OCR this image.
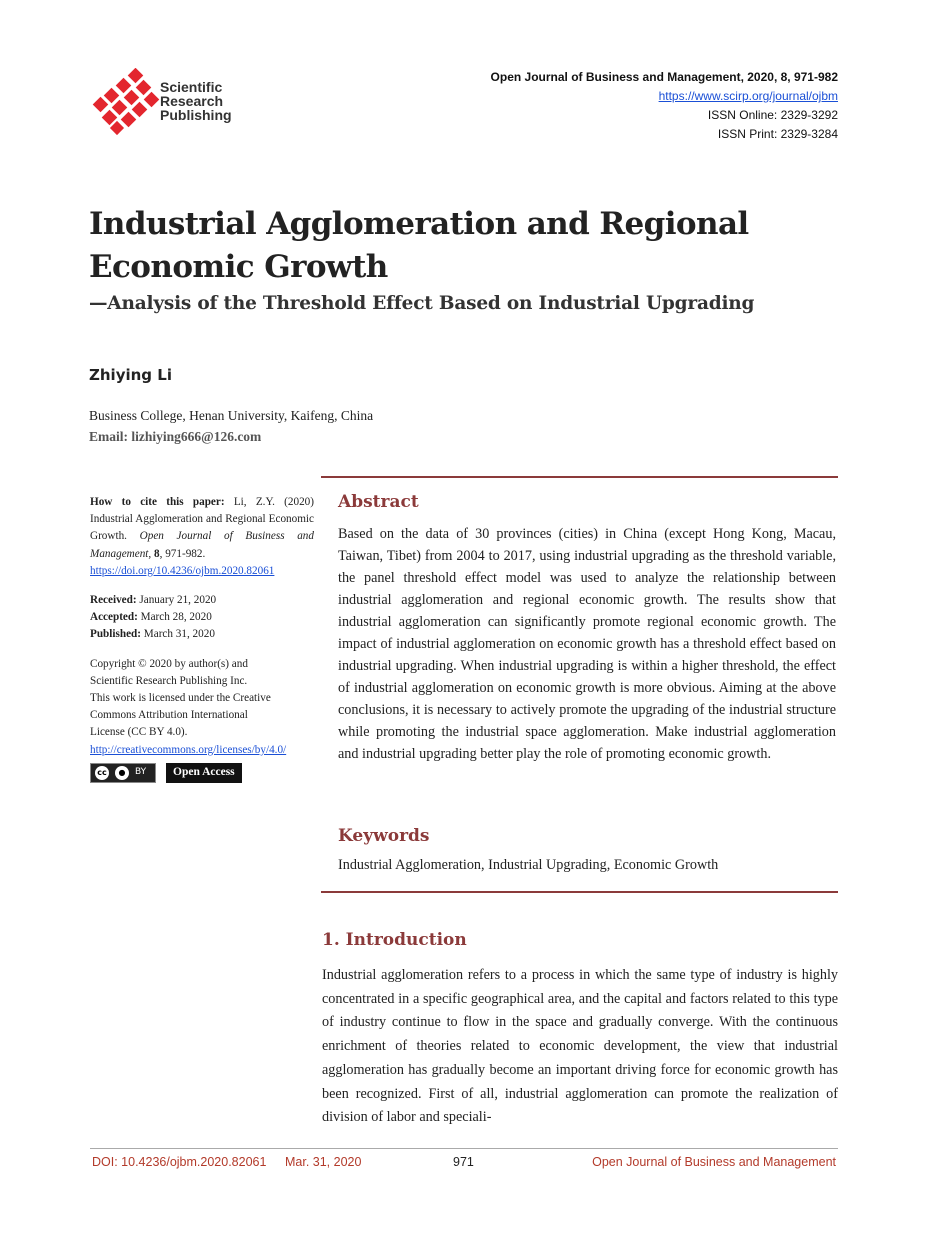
Scientific
Research
Publishing
Open Journal of Business and Management, 2020, 8, 971-982
https://www.scirp.org/journal/ojbm
ISSN Online: 2329-3292
ISSN Print: 2329-3284
Industrial Agglomeration and Regional
Economic Growth
—Analysis of the Threshold Effect Based on Industrial Upgrading
Zhiying Li
Business College, Henan University, Kaifeng, China
Email: lizhiying666@126.com
How to cite this paper: Li, Z.Y. (2020) Industrial Agglomeration and Regional Economic Growth. Open Journal of Business and Management, 8, 971-982.
https://doi.org/10.4236/ojbm.2020.82061
Received: January 21, 2020
Accepted: March 28, 2020
Published: March 31, 2020
Copyright © 2020 by author(s) and
Scientific Research Publishing Inc.
This work is licensed under the Creative
Commons Attribution International
License (CC BY 4.0).
http://creativecommons.org/licenses/by/4.0/
cc	●	BY	Open Access
Abstract
Based on the data of 30 provinces (cities) in China (except Hong Kong, Macau, Taiwan, Tibet) from 2004 to 2017, using industrial upgrading as the threshold variable, the panel threshold effect model was used to analyze the relationship between industrial agglomeration and regional economic growth. The results show that industrial agglomeration can significantly promote regional economic growth. The impact of industrial agglomeration on economic growth has a threshold effect based on industrial upgrading. When industrial upgrading is within a higher threshold, the effect of industrial agglomeration on economic growth is more obvious. Aiming at the above conclusions, it is necessary to actively promote the upgrading of the industrial structure while promoting the industrial space agglomeration. Make industrial agglomeration and industrial upgrading better play the role of promoting economic growth.
Keywords
Industrial Agglomeration, Industrial Upgrading, Economic Growth
1. Introduction
Industrial agglomeration refers to a process in which the same type of industry is highly concentrated in a specific geographical area, and the capital and factors related to this type of industry continue to flow in the space and gradually converge. With the continuous enrichment of theories related to economic development, the view that industrial agglomeration has gradually become an important driving force for economic growth has been recognized. First of all, industrial agglomeration can promote the realization of division of labor and speciali-
DOI: 10.4236/ojbm.2020.82061 Mar. 31, 2020	971	Open Journal of Business and Management
